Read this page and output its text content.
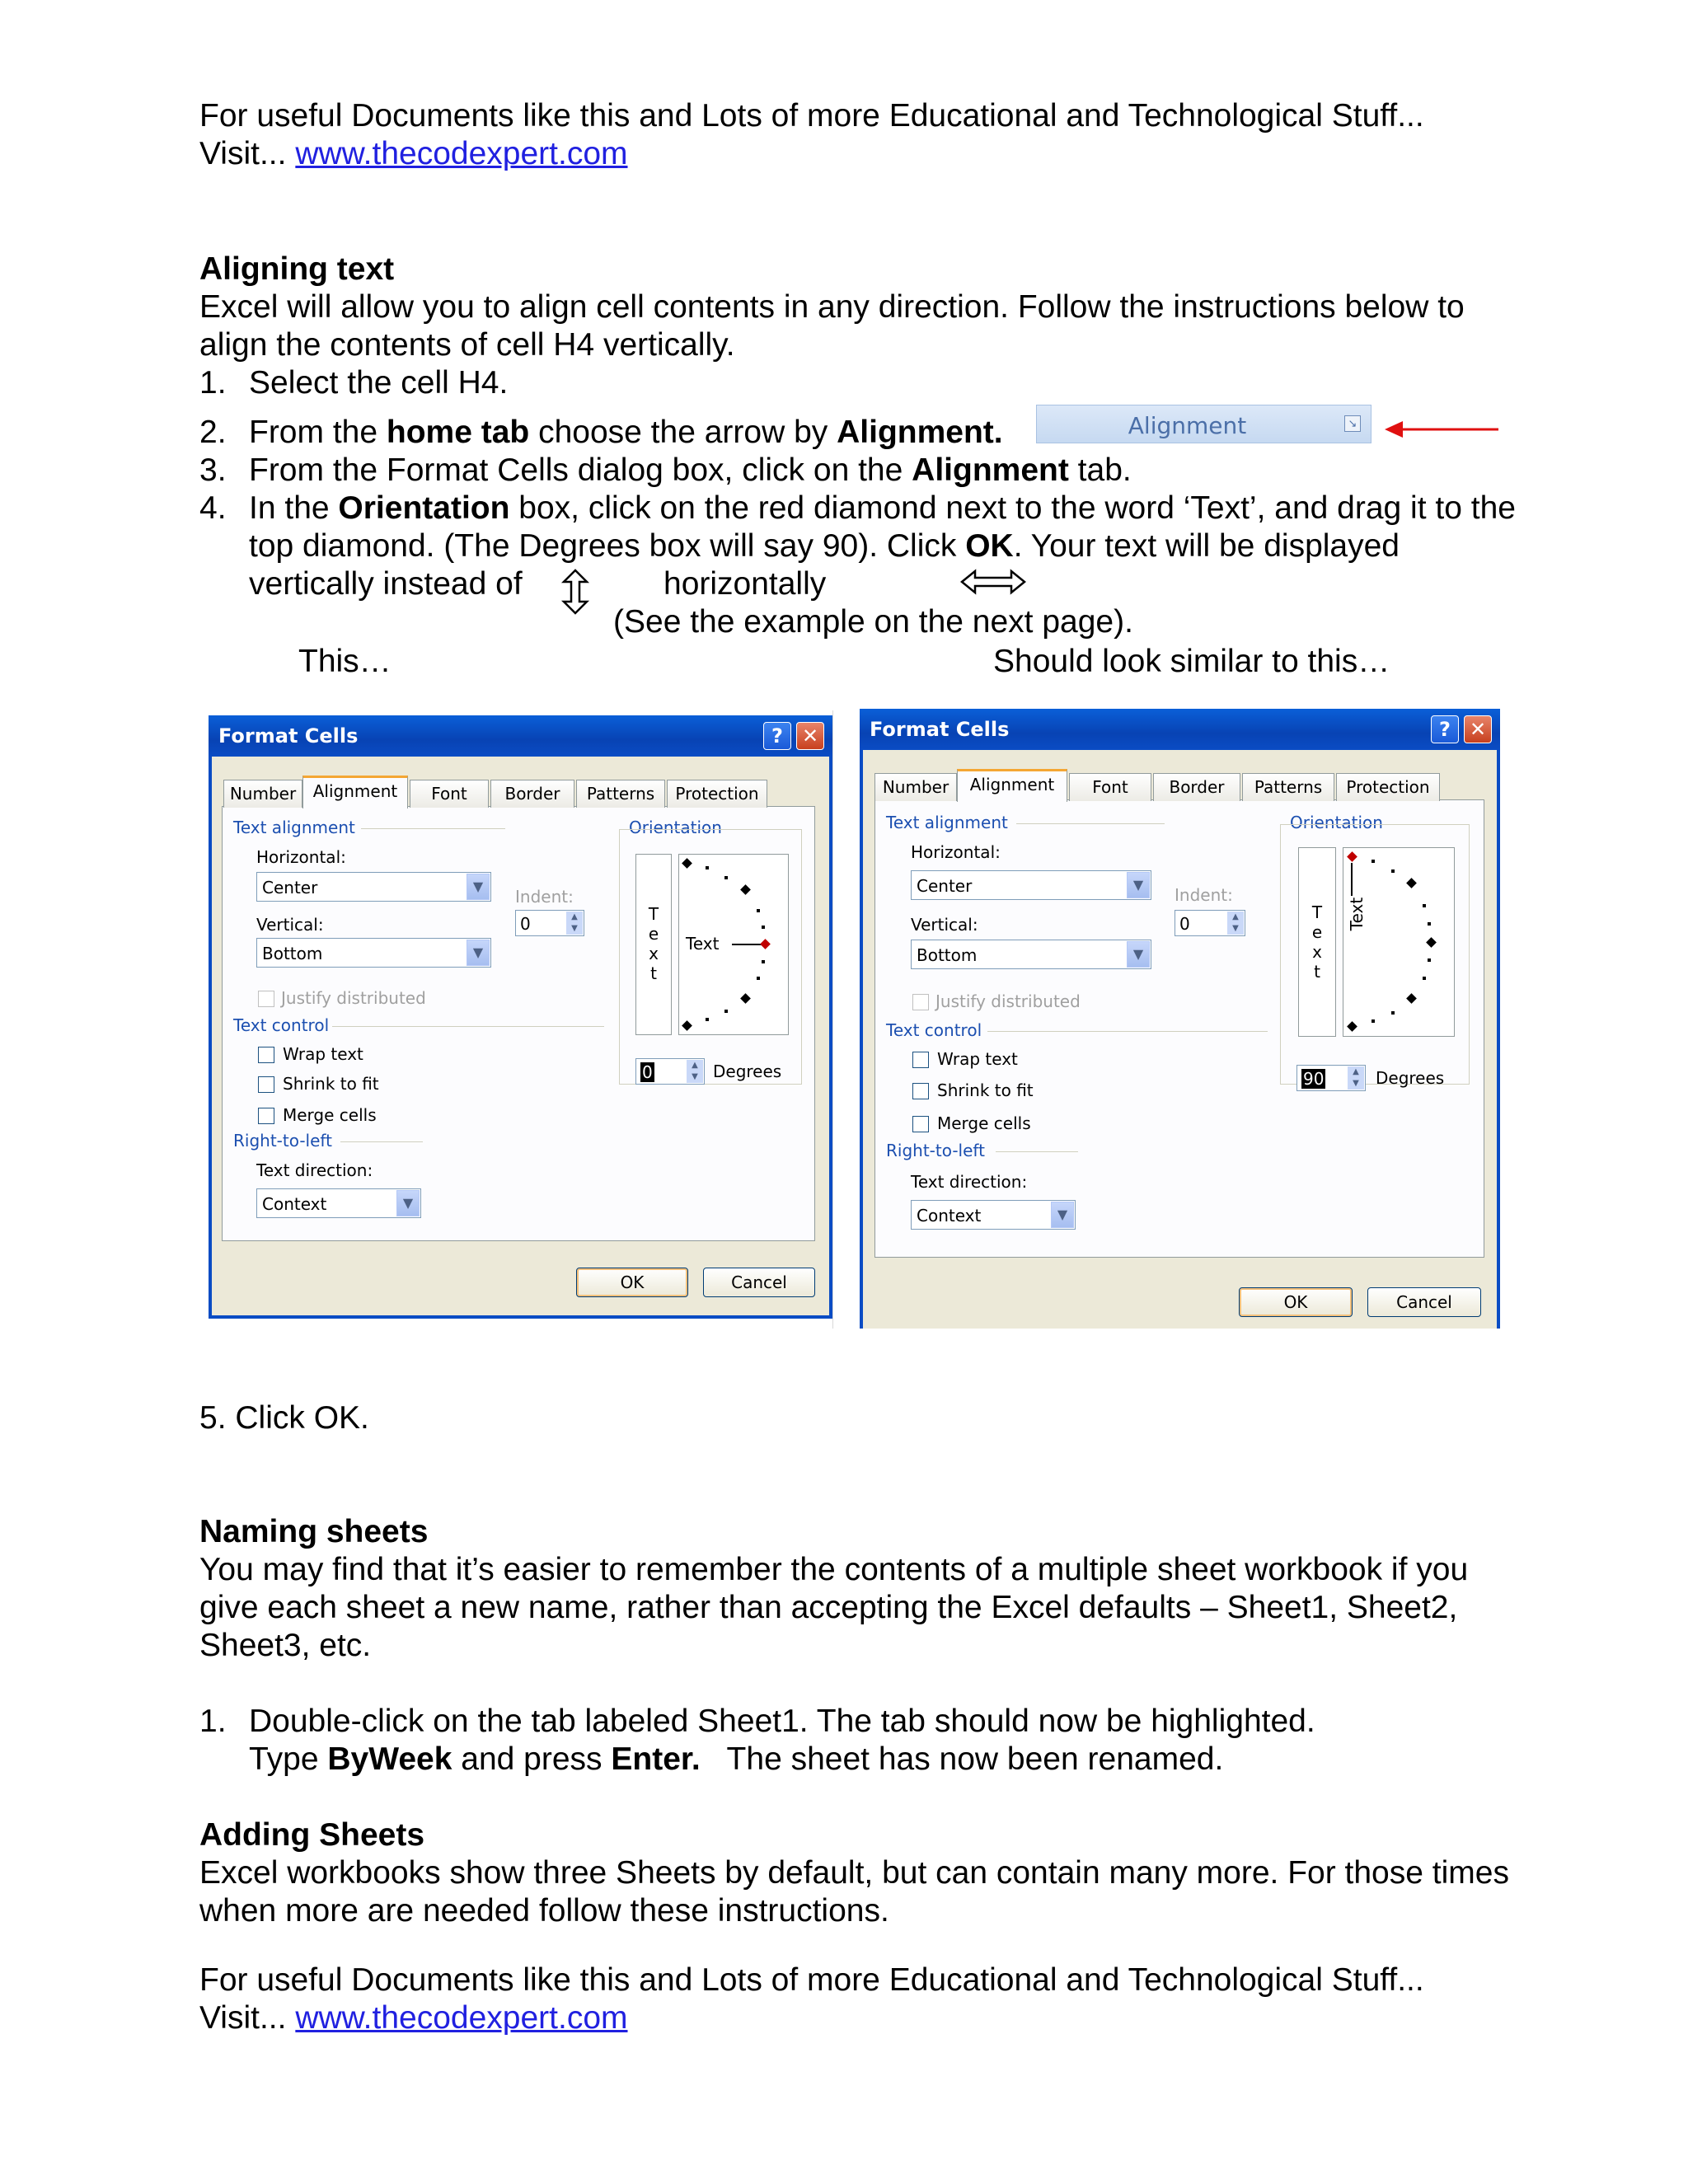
For useful Documents like this and Lots of more Educational and Technological Stuff...
Visit... www.thecodexpert.com
Aligning text
Excel will allow you to align cell contents in any direction. Follow the instructions below to
align the contents of cell H4 vertically.
1. Select the cell H4.
2. From the home tab choose the arrow by Alignment.	Alignment	↘
3. From the Format Cells dialog box, click on the Alignment tab.
4. In the Orientation box, click on the red diamond next to the word ‘Text’, and drag it to the
top diamond. (The Degrees box will say 90). Click OK. Your text will be displayed
vertically instead of	horizontally
(See the example on the next page).
This…	Should look similar to this…
Format Cells	? ✕
Number	Alignment	Font	Border	Patterns	Protection
Text alignment
Horizontal:
Center	▼
Indent:
0	▲
▼
Vertical:
Bottom	▼
Justify distributed
Text control
Wrap text
Shrink to fit
Merge cells
Right-to-left
Text direction:
Context	▼
Orientation
T
e
x
t
Text
0	▲
▼ Degrees
OK	Cancel
Format Cells	? ✕
Number	Alignment	Font	Border	Patterns	Protection
Text alignment
Horizontal:
Center	▼
Indent:
0	▲
▼
Vertical:
Bottom	▼
Justify distributed
Text control
Wrap text
Shrink to fit
Merge cells
Right-to-left
Text direction:
Context	▼
Orientation
T
e
x
t
Text
90	▲
▼	Degrees
OK	Cancel
5. Click OK.
Naming sheets
You may find that it’s easier to remember the contents of a multiple sheet workbook if you
give each sheet a new name, rather than accepting the Excel defaults – Sheet1, Sheet2,
Sheet3, etc.
1. Double-click on the tab labeled Sheet1. The tab should now be highlighted.
Type ByWeek and press Enter.   The sheet has now been renamed.
Adding Sheets
Excel workbooks show three Sheets by default, but can contain many more. For those times
when more are needed follow these instructions.
For useful Documents like this and Lots of more Educational and Technological Stuff...
Visit... www.thecodexpert.com
